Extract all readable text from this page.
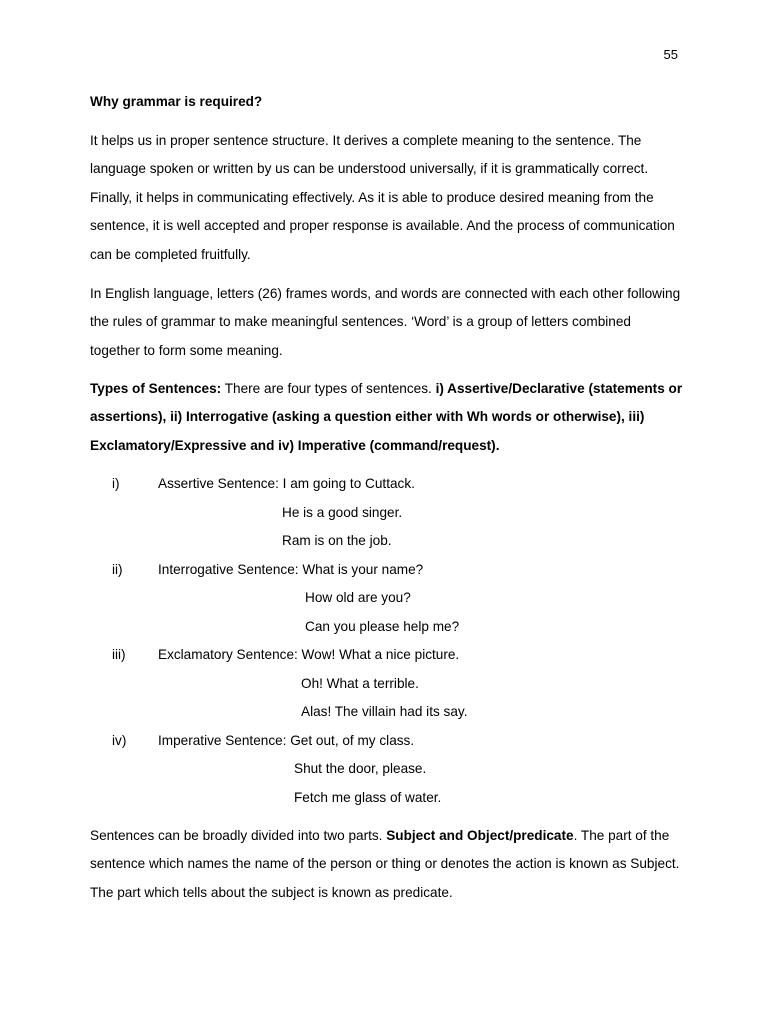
55
Why grammar is required?
It helps us in proper sentence structure. It derives a complete meaning to the sentence. The language spoken or written by us can be understood universally, if it is grammatically correct. Finally, it helps in communicating effectively. As it is able to produce desired meaning from the sentence, it is well accepted and proper response is available. And the process of communication can be completed fruitfully.
In English language, letters (26) frames words, and words are connected with each other following the rules of grammar to make meaningful sentences. ‘Word’ is a group of letters combined together to form some meaning.
Types of Sentences: There are four types of sentences. i) Assertive/Declarative (statements or assertions), ii) Interrogative (asking a question either with Wh words or otherwise), iii) Exclamatory/Expressive and iv) Imperative (command/request).
i)	Assertive Sentence: I am going to Cuttack.
He is a good singer.
Ram is on the job.
ii)	Interrogative Sentence: What is your name?
How old are you?
Can you please help me?
iii) Exclamatory Sentence: Wow! What a nice picture.
Oh! What a terrible.
Alas! The villain had its say.
iv) Imperative Sentence: Get out, of my class.
Shut the door, please.
Fetch me glass of water.
Sentences can be broadly divided into two parts. Subject and Object/predicate. The part of the sentence which names the name of the person or thing or denotes the action is known as Subject. The part which tells about the subject is known as predicate.
